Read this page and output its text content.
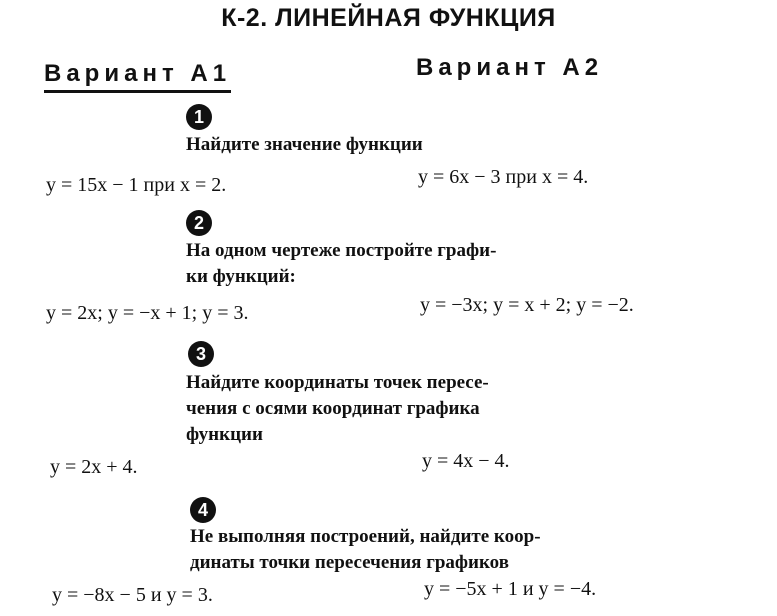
К-2. ЛИНЕЙНАЯ ФУНКЦИЯ
Вариант А1	Вариант А2
1
Найдите значение функции
y = 15x − 1 при x = 2.	y = 6x − 3 при x = 4.
2
На одном чертеже постройте графи-
ки функций:
y = 2x; y = −x + 1; y = 3.	y = −3x; y = x + 2; y = −2.
3
Найдите координаты точек пересе-
чения с осями координат графика
функции
y = 2x + 4.	y = 4x − 4.
4
Не выполняя построений, найдите коор-
динаты точки пересечения графиков
y = −8x − 5 и y = 3.	y = −5x + 1 и y = −4.
